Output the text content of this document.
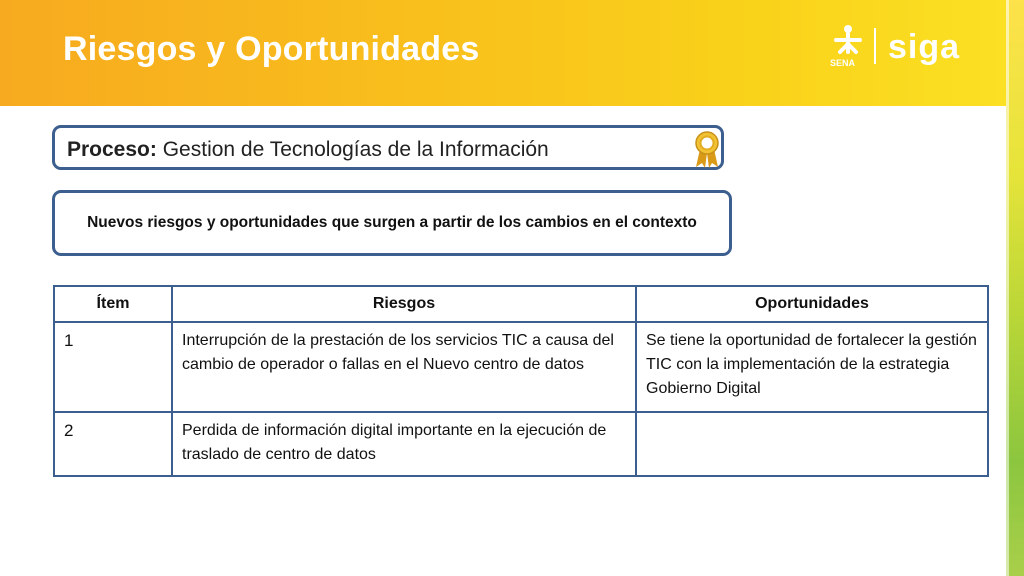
Riesgos y Oportunidades	SENA siga
Proceso: Gestion de Tecnologías de la Información
Nuevos riesgos y oportunidades que surgen a partir de los cambios en el contexto
Ítem	Riesgos	Oportunidades
1	Interrupción de la prestación de los servicios TIC a causa del cambio de operador o fallas en el Nuevo centro de datos	Se tiene la oportunidad de fortalecer la gestión TIC con la implementación de la estrategia Gobierno Digital
2	Perdida de información digital importante en la ejecución de traslado de centro de datos	
